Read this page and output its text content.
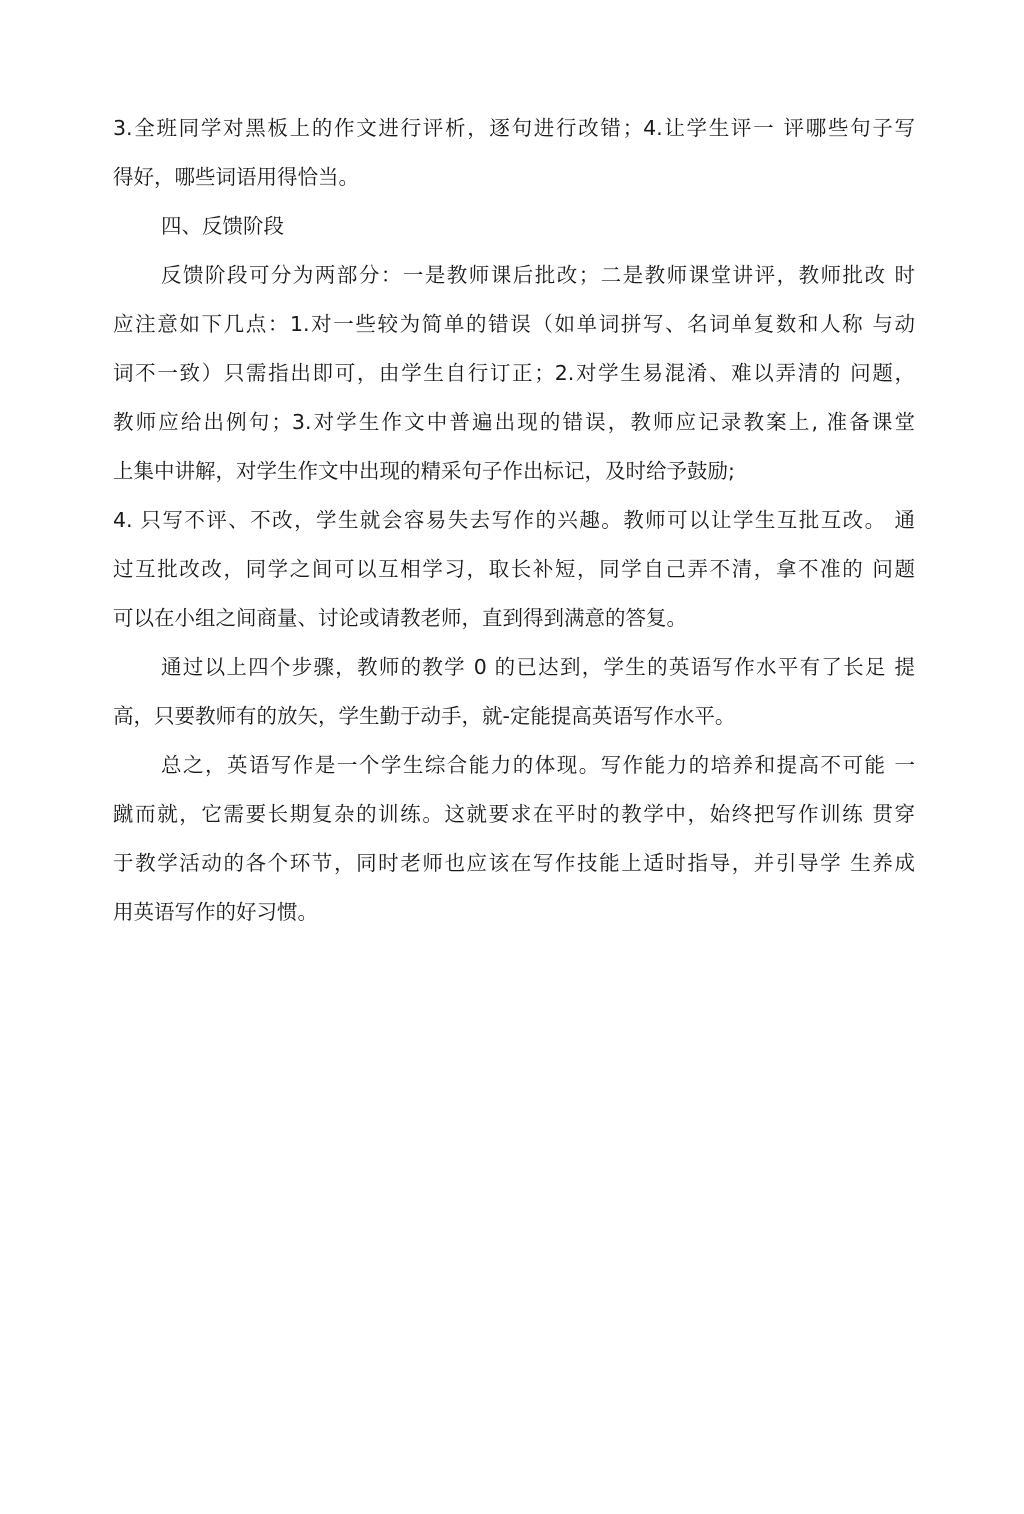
3.全班同学对黑板上的作文进行评析，逐句进行改错；4.让学生评一 评哪些句子写
得好，哪些词语用得恰当。
四、反馈阶段
反馈阶段可分为两部分：一是教师课后批改；二是教师课堂讲评，教师批改 时
应注意如下几点：1.对一些较为简单的错误（如单词拼写、名词单复数和人称 与动
词不一致）只需指出即可，由学生自行订正；2.对学生易混淆、难以弄清的 问题，
教师应给出例句；3.对学生作文中普遍出现的错误，教师应记录教案上, 准备课堂
上集中讲解，对学生作文中出现的精采句子作出标记，及时给予鼓励;
4. 只写不评、不改，学生就会容易失去写作的兴趣。教师可以让学生互批互改。 通
过互批改改，同学之间可以互相学习，取长补短，同学自己弄不清，拿不准的 问题
可以在小组之间商量、讨论或请教老师，直到得到满意的答复。
通过以上四个步骤，教师的教学 0 的已达到，学生的英语写作水平有了长足 提
高，只要教师有的放矢，学生勤于动手，就-定能提高英语写作水平。
总之，英语写作是一个学生综合能力的体现。写作能力的培养和提高不可能 一
蹴而就，它需要长期复杂的训练。这就要求在平时的教学中，始终把写作训练 贯穿
于教学活动的各个环节，同时老师也应该在写作技能上适时指导，并引导学 生养成
用英语写作的好习惯。
